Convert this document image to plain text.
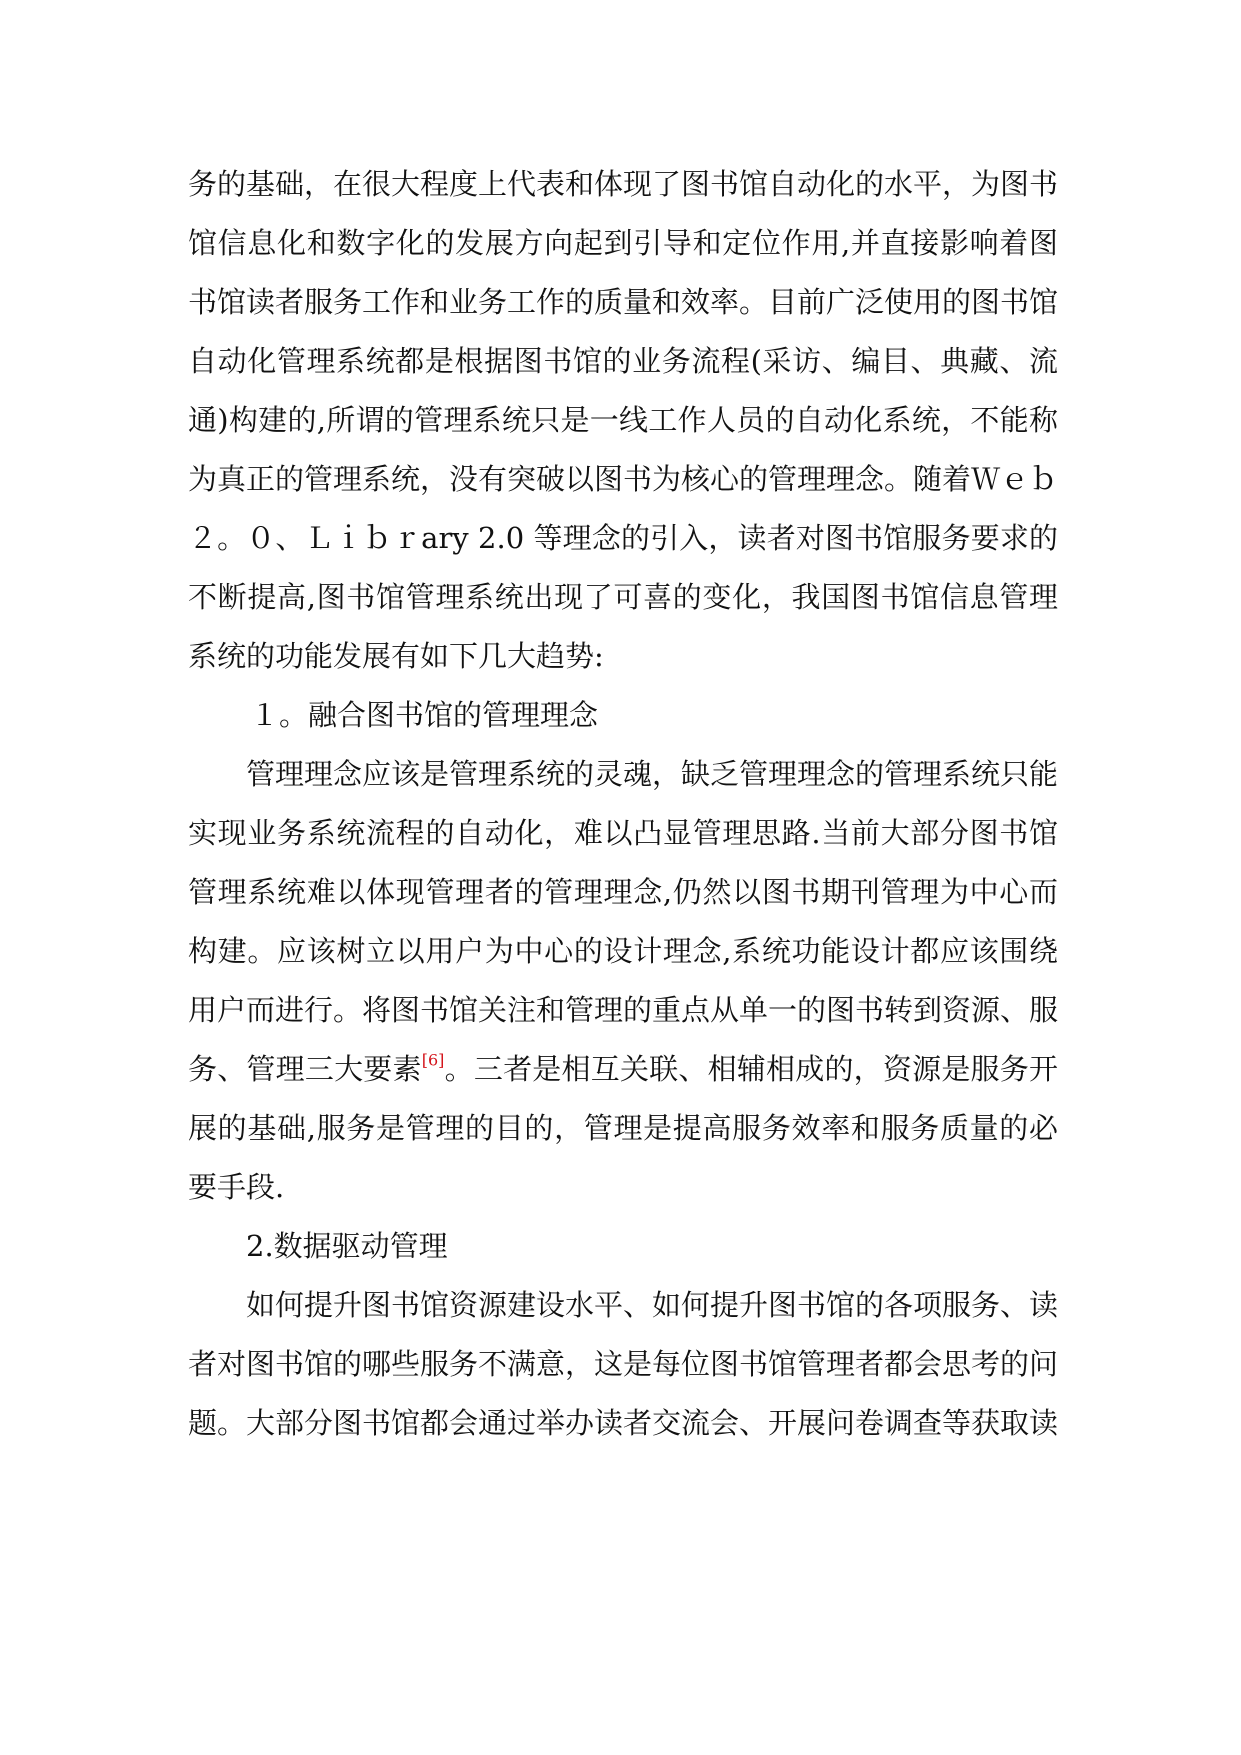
务的基础，在很大程度上代表和体现了图书馆自动化的水平，为图书馆信息化和数字化的发展方向起到引导和定位作用,并直接影响着图书馆读者服务工作和业务工作的质量和效率。目前广泛使用的图书馆自动化管理系统都是根据图书馆的业务流程(采访、编目、典藏、流通)构建的,所谓的管理系统只是一线工作人员的自动化系统，不能称为真正的管理系统，没有突破以图书为核心的管理理念。随着Ｗｅｂ２。０、Ｌｉｂｒary 2.0 等理念的引入，读者对图书馆服务要求的不断提高,图书馆管理系统出现了可喜的变化，我国图书馆信息管理系统的功能发展有如下几大趋势:

１。融合图书馆的管理理念

管理理念应该是管理系统的灵魂，缺乏管理理念的管理系统只能实现业务系统流程的自动化，难以凸显管理思路.当前大部分图书馆管理系统难以体现管理者的管理理念,仍然以图书期刊管理为中心而构建。应该树立以用户为中心的设计理念,系统功能设计都应该围绕用户而进行。将图书馆关注和管理的重点从单一的图书转到资源、服务、管理三大要素[6]。三者是相互关联、相辅相成的，资源是服务开展的基础,服务是管理的目的，管理是提高服务效率和服务质量的必要手段.

2.数据驱动管理

如何提升图书馆资源建设水平、如何提升图书馆的各项服务、读者对图书馆的哪些服务不满意，这是每位图书馆管理者都会思考的问题。大部分图书馆都会通过举办读者交流会、开展问卷调查等获取读
